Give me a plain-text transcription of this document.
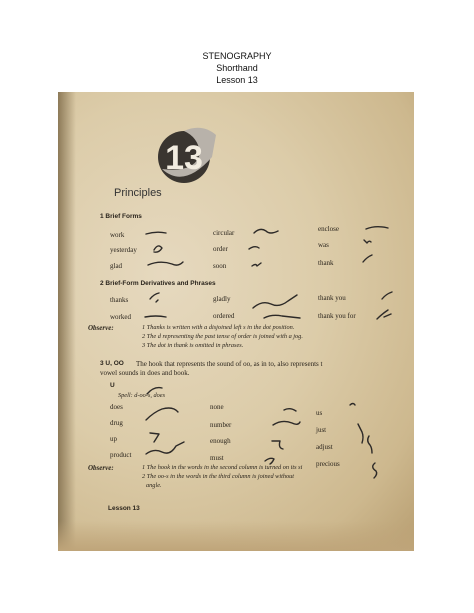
STENOGRAPHY
Shorthand
Lesson 13
13
Principles
1 Brief Forms
work
yesterday
glad
circular
order
soon
enclose
was
thank
2 Brief-Form Derivatives and Phrases
thanks
worked
gladly
ordered
thank you
thank you for
Observe:	1 Thanks is written with a disjoined left s in the dot position.
2 The d representing the past tense of order is joined with a jog.
3 The dot in thank is omitted in phrases.
3 U, OO The hook that represents the sound of oo, as in to, also represents t
vowel sounds in does and book.
U
Spell: d-oo-s, does
does
drug
up
product
none
number
enough
must
us
just
adjust
precious
Observe:	1 The hook in the words in the second column is turned on its si
2 The oo-s in the words in the third column is joined without
angle.
Lesson 13
